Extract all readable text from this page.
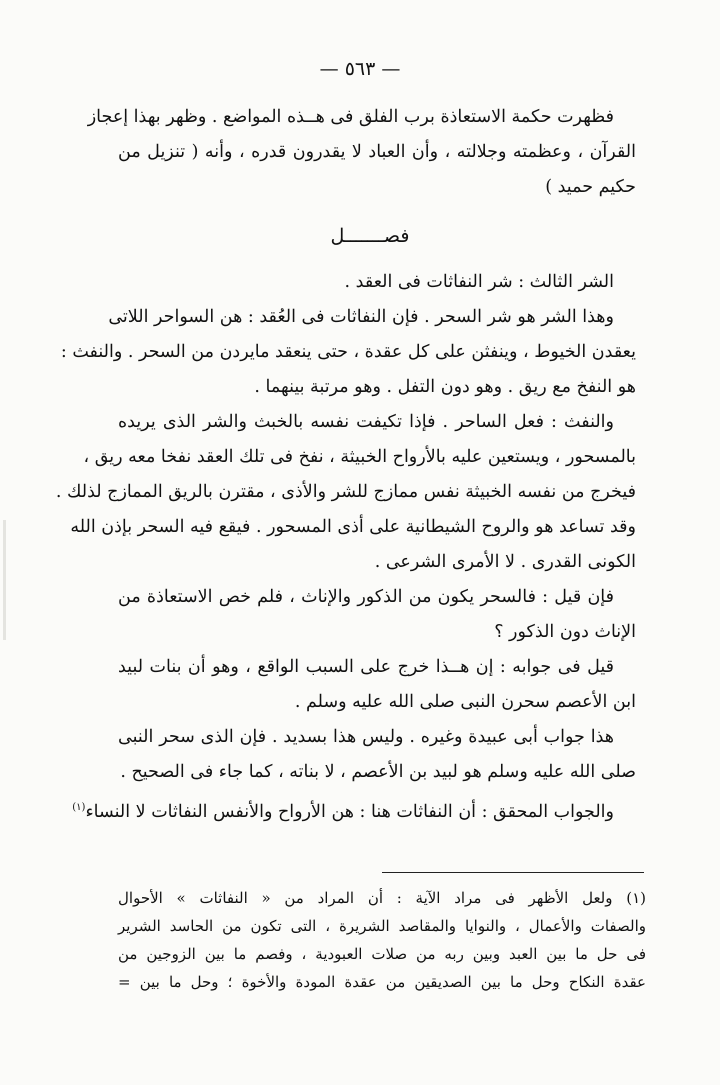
— ٥٦٣ —
فظهرت حكمة الاستعاذة برب الفلق فى هــذه المواضع . وظهر بهذا إعجاز
القرآن ، وعظمته وجلالته ، وأن العباد لا يقدرون قدره ، وأنه ( تنزيل من
حكيم حميد )
فصـــــــل
الشر الثالث : شر النفاثات فى العقد .
وهذا الشر هو شر السحر . فإن النفاثات فى العُقد : هن السواحر اللاتى
يعقدن الخيوط ، وينفثن على كل عقدة ، حتى ينعقد مايردن من السحر . والنفث :
هو النفخ مع ريق . وهو دون التفل . وهو مرتبة بينهما .
والنفث : فعل الساحر . فإذا تكيفت نفسه بالخبث والشر الذى يريده
بالمسحور ، ويستعين عليه بالأرواح الخبيثة ، نفخ فى تلك العقد نفخا معه ريق ،
فيخرج من نفسه الخبيثة نفس ممازج للشر والأذى ، مقترن بالريق الممازج لذلك .
وقد تساعد هو والروح الشيطانية على أذى المسحور . فيقع فيه السحر بإذن الله
الكونى القدرى . لا الأمرى الشرعى .
فإن قيل : فالسحر يكون من الذكور والإناث ، فلم خص الاستعاذة من
الإناث دون الذكور ؟
قيل فى جوابه : إن هــذا خرج على السبب الواقع ، وهو أن بنات لبيد
ابن الأعصم سحرن النبى صلى الله عليه وسلم .
هذا جواب أبى عبيدة وغيره . وليس هذا بسديد . فإن الذى سحر النبى
صلى الله عليه وسلم هو لبيد بن الأعصم ، لا بناته ، كما جاء فى الصحيح .
والجواب المحقق : أن النفاثات هنا : هن الأرواح والأنفس النفاثات لا النساء$^{(١)}$
(١) ولعل الأظهر فى مراد الآية : أن المراد من « النفاثات » الأحوال
والصفات والأعمال ، والنوايا والمقاصد الشريرة ، التى تكون من الحاسد الشرير
فى حل ما بين العبد وبين ربه من صلات العبودية ، وفصم ما بين الزوجين من
عقدة النكاح وحل ما بين الصديقين من عقدة المودة والأخوة ؛ وحل ما بين =
